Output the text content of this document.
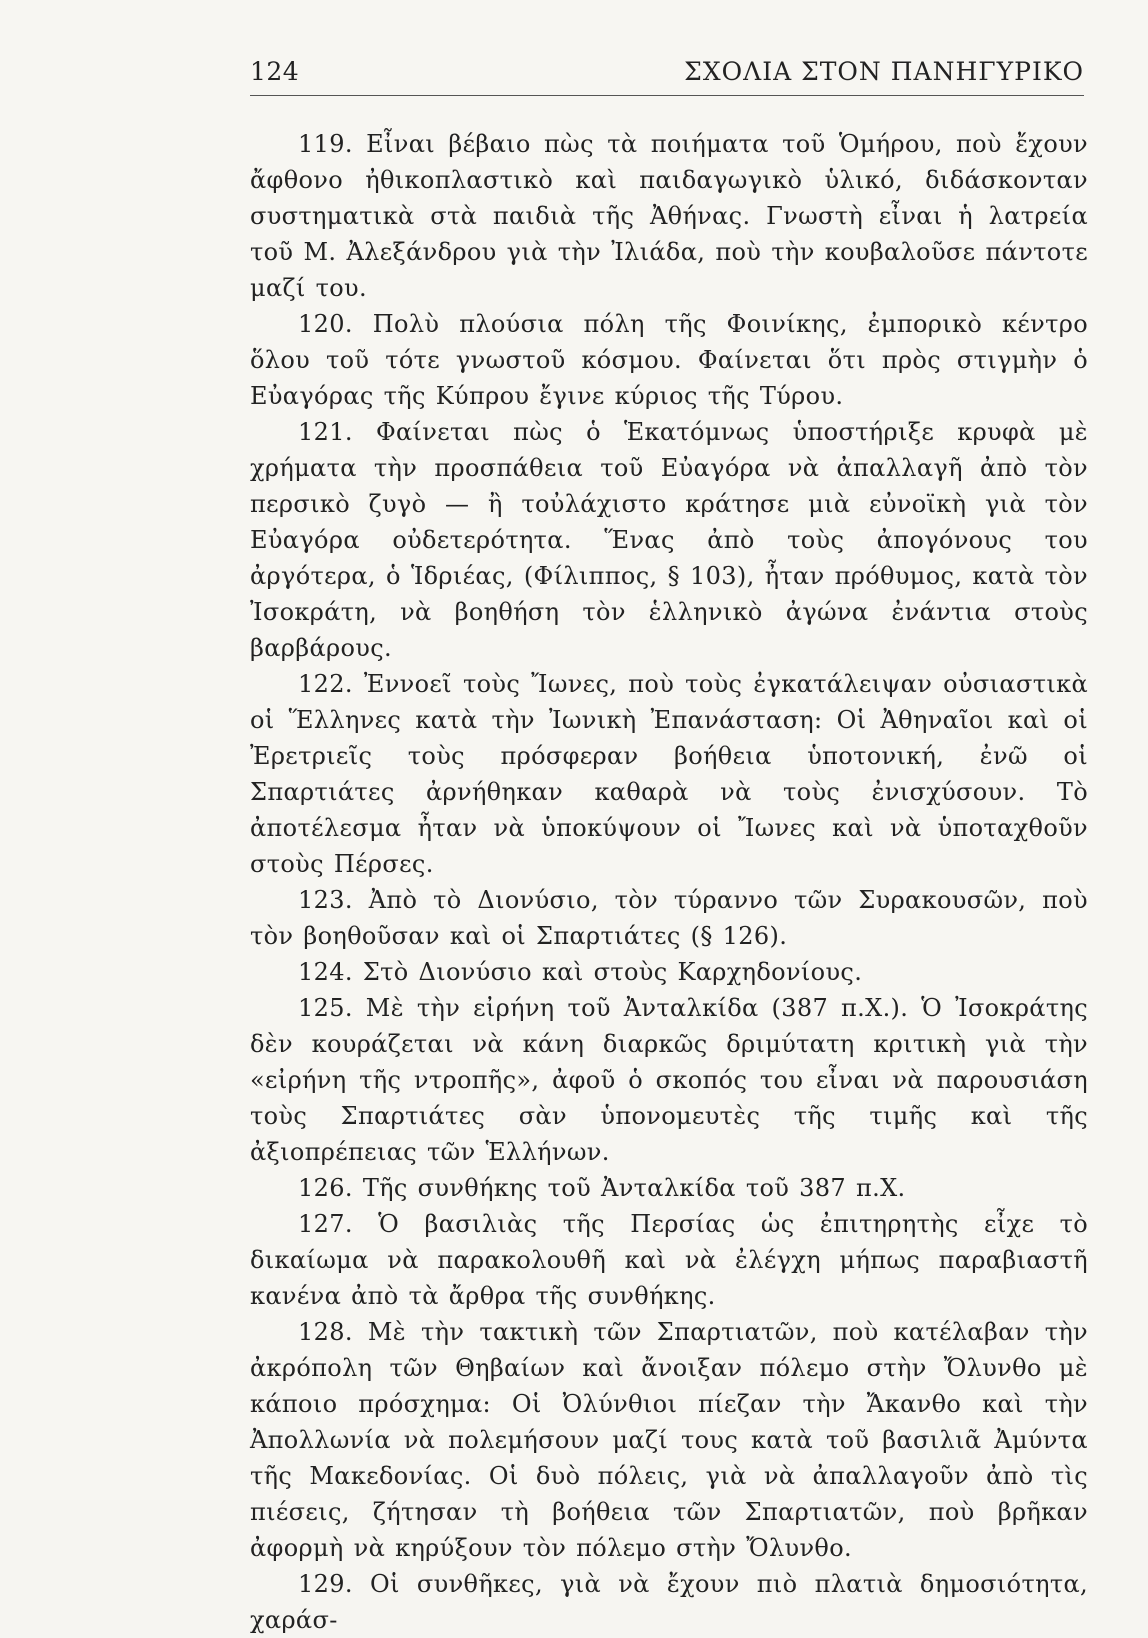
124	ΣΧΟΛΙΑ ΣΤΟΝ ΠΑΝΗΓΥΡΙΚΟ

119. Εἶναι βέβαιο πὼς τὰ ποιήματα τοῦ Ὁμήρου, ποὺ ἔχουν ἄφθονο ἠθικοπλαστικὸ καὶ παιδαγωγικὸ ὑλικό, διδάσκονταν συστηματικὰ στὰ παιδιὰ τῆς Ἀθήνας. Γνωστὴ εἶναι ἡ λατρεία τοῦ Μ. Ἀλεξάνδρου γιὰ τὴν Ἰλιάδα, ποὺ τὴν κουβαλοῦσε πάντοτε μαζί του.

120. Πολὺ πλούσια πόλη τῆς Φοινίκης, ἐμπορικὸ κέντρο ὅλου τοῦ τότε γνωστοῦ κόσμου. Φαίνεται ὅτι πρὸς στιγμὴν ὁ Εὐαγόρας τῆς Κύπρου ἔγινε κύριος τῆς Τύρου.

121. Φαίνεται πὼς ὁ Ἑκατόμνως ὑποστήριξε κρυφὰ μὲ χρήματα τὴν προσπάθεια τοῦ Εὐαγόρα νὰ ἀπαλλαγῆ ἀπὸ τὸν περσικὸ ζυγὸ — ἢ τοὐλάχιστο κράτησε μιὰ εὐνοϊκὴ γιὰ τὸν Εὐαγόρα οὐδετερότητα. Ἕνας ἀπὸ τοὺς ἀπογόνους του ἀργότερα, ὁ Ἱδριέας, (Φίλιππος, § 103), ἦταν πρόθυμος, κατὰ τὸν Ἰσοκράτη, νὰ βοηθήση τὸν ἑλληνικὸ ἀγώνα ἐνάντια στοὺς βαρβάρους.

122. Ἐννοεῖ τοὺς Ἴωνες, ποὺ τοὺς ἐγκατάλειψαν οὐσιαστικὰ οἱ Ἕλληνες κατὰ τὴν Ἰωνικὴ Ἐπανάσταση: Οἱ Ἀθηναῖοι καὶ οἱ Ἐρετριεῖς τοὺς πρόσφεραν βοήθεια ὑποτονική, ἐνῶ οἱ Σπαρτιάτες ἀρνήθηκαν καθαρὰ νὰ τοὺς ἐνισχύσουν. Τὸ ἀποτέλεσμα ἦταν νὰ ὑποκύψουν οἱ Ἴωνες καὶ νὰ ὑποταχθοῦν στοὺς Πέρσες.

123. Ἀπὸ τὸ Διονύσιο, τὸν τύραννο τῶν Συρακουσῶν, ποὺ τὸν βοηθοῦσαν καὶ οἱ Σπαρτιάτες (§ 126).

124. Στὸ Διονύσιο καὶ στοὺς Καρχηδονίους.

125. Μὲ τὴν εἰρήνη τοῦ Ἀνταλκίδα (387 π.Χ.). Ὁ Ἰσοκράτης δὲν κουράζεται νὰ κάνη διαρκῶς δριμύτατη κριτικὴ γιὰ τὴν «εἰρήνη τῆς ντροπῆς», ἀφοῦ ὁ σκοπός του εἶναι νὰ παρουσιάση τοὺς Σπαρτιάτες σὰν ὑπονομευτὲς τῆς τιμῆς καὶ τῆς ἀξιοπρέπειας τῶν Ἑλλήνων.

126. Τῆς συνθήκης τοῦ Ἀνταλκίδα τοῦ 387 π.Χ.

127. Ὁ βασιλιὰς τῆς Περσίας ὡς ἐπιτηρητὴς εἶχε τὸ δικαίωμα νὰ παρακολουθῆ καὶ νὰ ἐλέγχη μήπως παραβιαστῆ κανένα ἀπὸ τὰ ἄρθρα τῆς συνθήκης.

128. Μὲ τὴν τακτικὴ τῶν Σπαρτιατῶν, ποὺ κατέλαβαν τὴν ἀκρόπολη τῶν Θηβαίων καὶ ἄνοιξαν πόλεμο στὴν Ὄλυνθο μὲ κάποιο πρόσχημα: Οἱ Ὀλύνθιοι πίεζαν τὴν Ἄκανθο καὶ τὴν Ἀπολλωνία νὰ πολεμήσουν μαζί τους κατὰ τοῦ βασιλιᾶ Ἀμύντα τῆς Μακεδονίας. Οἱ δυὸ πόλεις, γιὰ νὰ ἀπαλλαγοῦν ἀπὸ τὶς πιέσεις, ζήτησαν τὴ βοήθεια τῶν Σπαρτιατῶν, ποὺ βρῆκαν ἀφορμὴ νὰ κηρύξουν τὸν πόλεμο στὴν Ὄλυνθο.

129. Οἱ συνθῆκες, γιὰ νὰ ἔχουν πιὸ πλατιὰ δημοσιότητα, χαράσ-
